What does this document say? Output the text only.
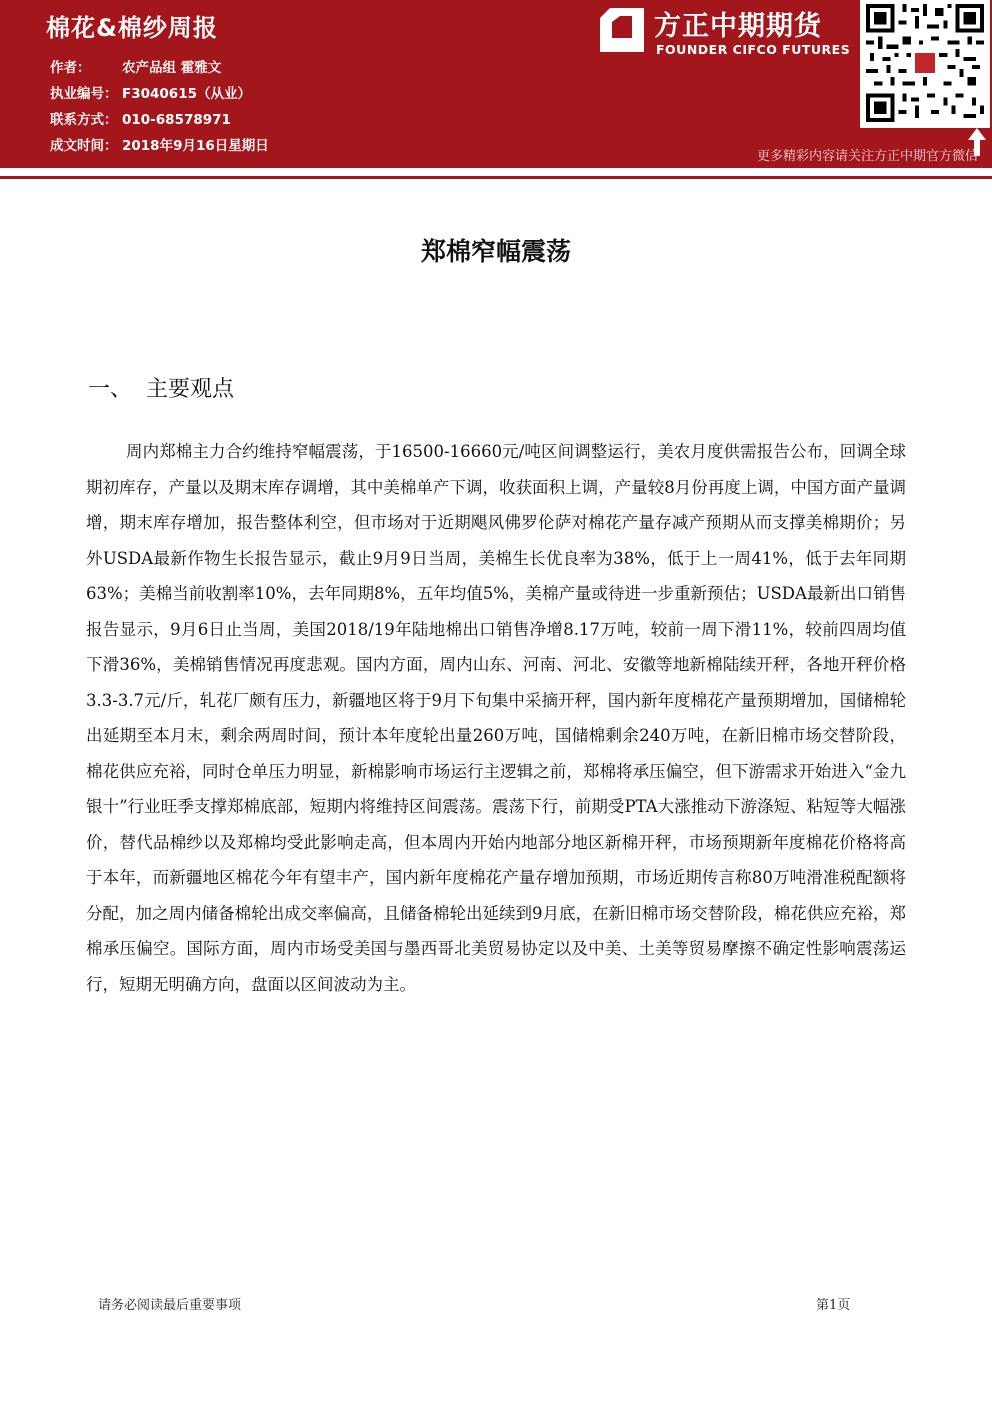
棉花&棉纱周报
作者： 农产品组 霍雅文
执业编号： F3040615（从业）
联系方式： 010-68578971
成文时间： 2018年9月16日星期日
方正中期期货
FOUNDER CIFCO FUTURES
更多精彩内容请关注方正中期官方微信
郑棉窄幅震荡
一、 主要观点

周内郑棉主力合约维持窄幅震荡，于16500-16660元/吨区间调整运行，美农月度供需报告公布，回调全球期初库存，产量以及期末库存调增，其中美棉单产下调，收获面积上调，产量较8月份再度上调，中国方面产量调增，期末库存增加，报告整体利空，但市场对于近期飓风佛罗伦萨对棉花产量存减产预期从而支撑美棉期价；另外USDA最新作物生长报告显示，截止9月9日当周，美棉生长优良率为38%，低于上一周41%，低于去年同期63%；美棉当前收割率10%，去年同期8%，五年均值5%，美棉产量或待进一步重新预估；USDA最新出口销售报告显示，9月6日止当周，美国2018/19年陆地棉出口销售净增8.17万吨，较前一周下滑11%，较前四周均值下滑36%，美棉销售情况再度悲观。国内方面，周内山东、河南、河北、安徽等地新棉陆续开秤，各地开秤价格3.3-3.7元/斤，轧花厂颇有压力，新疆地区将于9月下旬集中采摘开秤，国内新年度棉花产量预期增加，国储棉轮出延期至本月末，剩余两周时间，预计本年度轮出量260万吨，国储棉剩余240万吨，在新旧棉市场交替阶段，棉花供应充裕，同时仓单压力明显，新棉影响市场运行主逻辑之前，郑棉将承压偏空，但下游需求开始进入“金九银十”行业旺季支撑郑棉底部，短期内将维持区间震荡。震荡下行，前期受PTA大涨推动下游涤短、粘短等大幅涨价，替代品棉纱以及郑棉均受此影响走高，但本周内开始内地部分地区新棉开秤，市场预期新年度棉花价格将高于本年，而新疆地区棉花今年有望丰产，国内新年度棉花产量存增加预期，市场近期传言称80万吨滑准税配额将分配，加之周内储备棉轮出成交率偏高，且储备棉轮出延续到9月底，在新旧棉市场交替阶段，棉花供应充裕，郑棉承压偏空。国际方面，周内市场受美国与墨西哥北美贸易协定以及中美、土美等贸易摩擦不确定性影响震荡运行，短期无明确方向，盘面以区间波动为主。

请务必阅读最后重要事项	第1页
